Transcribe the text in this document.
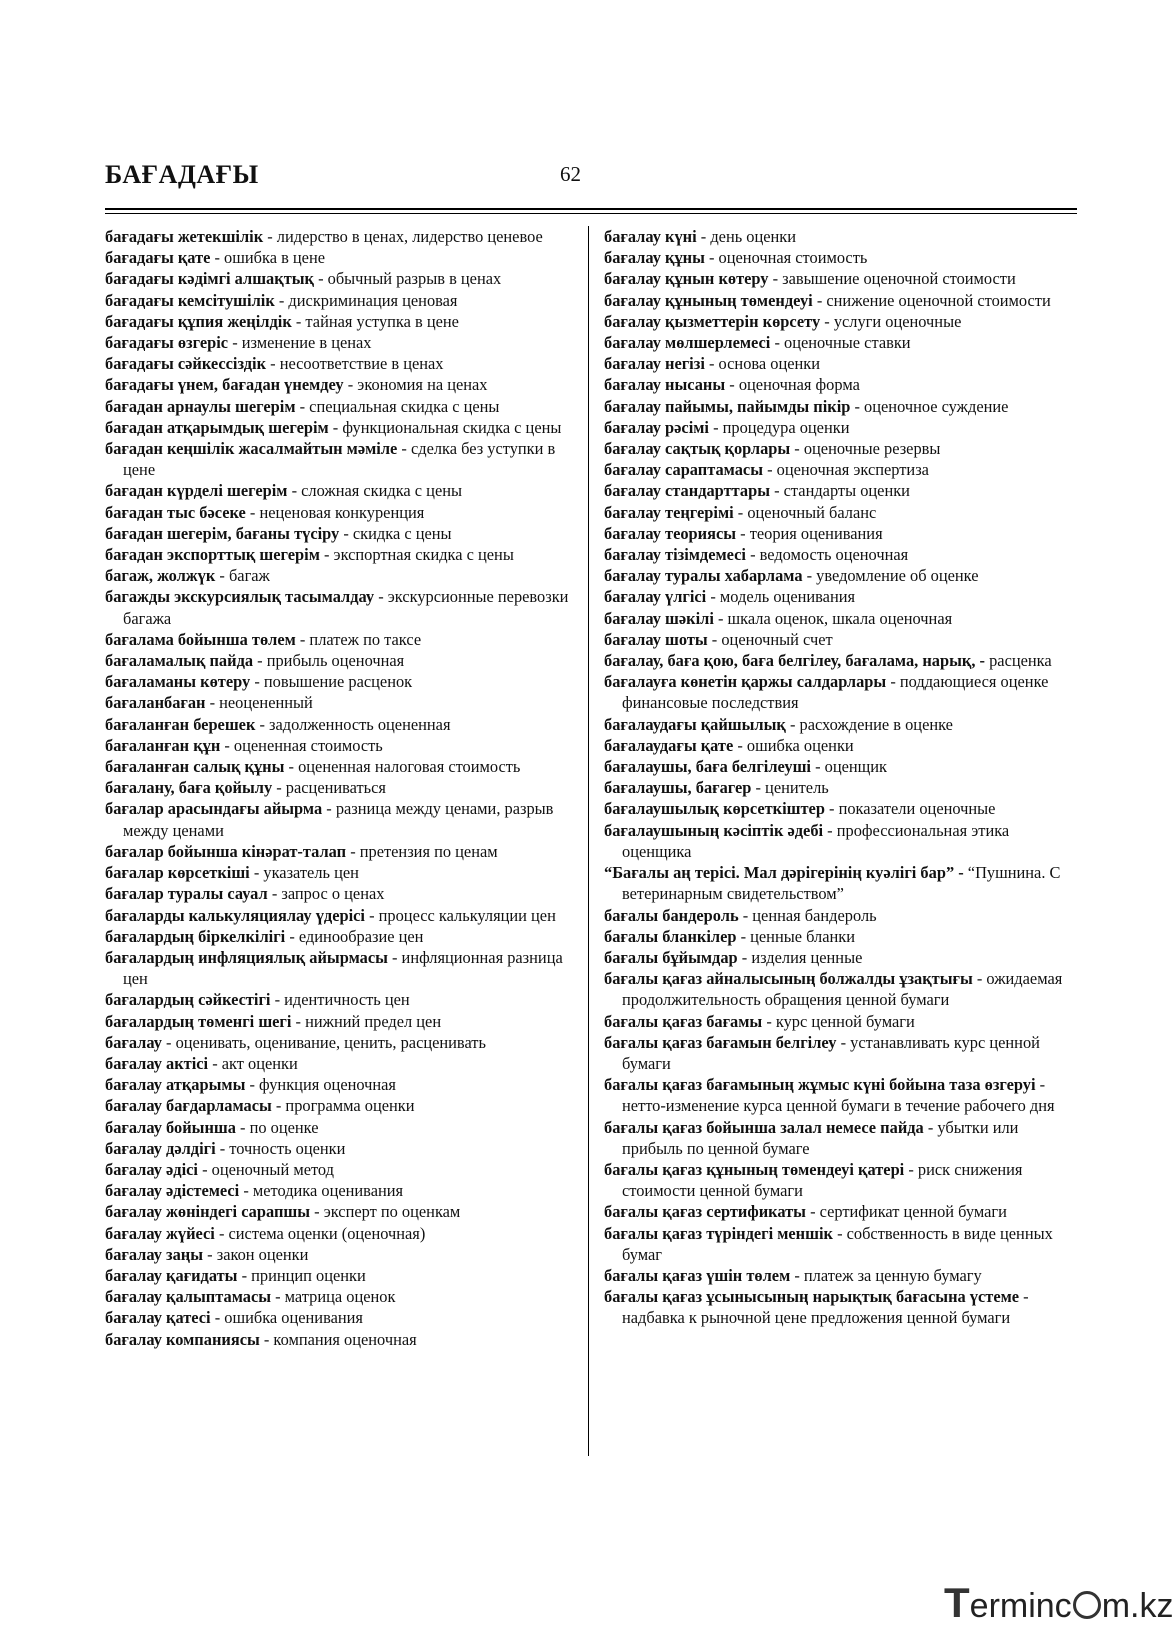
БАҒАДАҒЫ	62

бағадағы жетекшілік - лидерство в ценах, лидерство ценевое

бағадағы қате - ошибка в цене

бағадағы кәдімгі алшақтық - обычный разрыв в ценах

бағадағы кемсітушілік - дискриминация ценовая

бағадағы құпия жеңілдік - тайная уступка в цене

бағадағы өзгеріс - изменение в ценах

бағадағы сәйкессіздік - несоответствие в ценах

бағадағы үнем, бағадан үнемдеу - экономия на ценах

бағадан арнаулы шегерім - специальная скидка с цены

бағадан атқарымдық шегерім - функциональная скидка с цены

бағадан кеңшілік жасалмайтын мәміле - сделка без уступки в цене

бағадан күрделі шегерім - сложная скидка с цены

бағадан тыс бәсеке - неценовая конкуренция

бағадан шегерім, бағаны түсіру - скидка с цены

бағадан экспорттық шегерім - экспортная скидка с цены

багаж, жолжүк - багаж

багажды экскурсиялық тасымалдау - экскурсионные перевозки багажа

бағалама бойынша төлем - платеж по таксе

бағаламалық пайда - прибыль оценочная

бағаламаны көтеру - повышение расценок

бағаланбаған - неоцененный

бағаланған берешек - задолженность оцененная

бағаланған құн - оцененная стоимость

бағаланған салық құны - оцененная налоговая стоимость

бағалану, баға қойылу - расцениваться

бағалар арасындағы айырма - разница между ценами, разрыв между ценами

бағалар бойынша кінәрат-талап - претензия по ценам

бағалар көрсеткіші - указатель цен

бағалар туралы сауал - запрос о ценах

бағаларды калькуляциялау үдерісі - процесс калькуляции цен

бағалардың біркелкілігі - единообразие цен

бағалардың инфляциялық айырмасы - инфляционная разница цен

бағалардың сәйкестігі - идентичность цен

бағалардың төменгі шегі - нижний предел цен

бағалау - оценивать, оценивание, ценить, расценивать

бағалау актісі - акт оценки

бағалау атқарымы - функция оценочная

бағалау бағдарламасы - программа оценки

бағалау бойынша - по оценке

бағалау дәлдігі - точность оценки

бағалау әдісі - оценочный метод

бағалау әдістемесі - методика оценивания

бағалау жөніндегі сарапшы - эксперт по оценкам

бағалау жүйесі - система оценки (оценочная)

бағалау заңы - закон оценки

бағалау қағидаты - принцип оценки

бағалау қалыптамасы - матрица оценок

бағалау қатесі - ошибка оценивания

бағалау компаниясы - компания оценочная

бағалау күні - день оценки

бағалау құны - оценочная стоимость

бағалау құнын көтеру - завышение оценочной стоимости

бағалау құнының төмендеуі - снижение оценочной стоимости

бағалау қызметтерін көрсету - услуги оценочные

бағалау мөлшерлемесі - оценочные ставки

бағалау негізі - основа оценки

бағалау нысаны - оценочная форма

бағалау пайымы, пайымды пікір - оценочное суждение

бағалау рәсімі - процедура оценки

бағалау сақтық қорлары - оценочные резервы

бағалау сараптамасы - оценочная экспертиза

бағалау стандарттары - стандарты оценки

бағалау теңгерімі - оценочный баланс

бағалау теориясы - теория оценивания

бағалау тізімдемесі - ведомость оценочная

бағалау туралы хабарлама - уведомление об оценке

бағалау үлгісі - модель оценивания

бағалау шәкілі - шкала оценок, шкала оценочная

бағалау шоты - оценочный счет

бағалау, баға қою, баға белгілеу, бағалама, нарық, - расценка

бағалауға көнетін қаржы салдарлары - поддающиеся оценке финансовые последствия

бағалаудағы қайшылық - расхождение в оценке

бағалаудағы қате - ошибка оценки

бағалаушы, баға белгілеуші - оценщик

бағалаушы, бағагер - ценитель

бағалаушылық көрсеткіштер - показатели оценочные

бағалаушының кәсіптік әдебі - профессиональная этика оценщика

“Бағалы аң терісі. Мал дәрігерінің куәлігі бар” - “Пушнина. С ветеринарным свидетельством”

бағалы бандероль - ценная бандероль

бағалы бланкілер - ценные бланки

бағалы бұйымдар - изделия ценные

бағалы қағаз айналысының болжалды ұзақтығы - ожидаемая продолжительность обращения ценной бумаги

бағалы қағаз бағамы - курс ценной бумаги

бағалы қағаз бағамын белгілеу - устанавливать курс ценной бумаги

бағалы қағаз бағамының жұмыс күні бойына таза өзгеруі - нетто-изменение курса ценной бумаги в течение рабочего дня

бағалы қағаз бойынша залал немесе пайда - убытки или прибыль по ценной бумаге

бағалы қағаз құнының төмендеуі қатері - риск снижения стоимости ценной бумаги

бағалы қағаз сертификаты - сертификат ценной бумаги

бағалы қағаз түріндегі меншік - собственность в виде ценных бумаг

бағалы қағаз үшін төлем - платеж за ценную бумагу

бағалы қағаз ұсынысының нарықтық бағасына үстеме - надбавка к рыночной цене предложения ценной бумаги

Terminc m.kz
